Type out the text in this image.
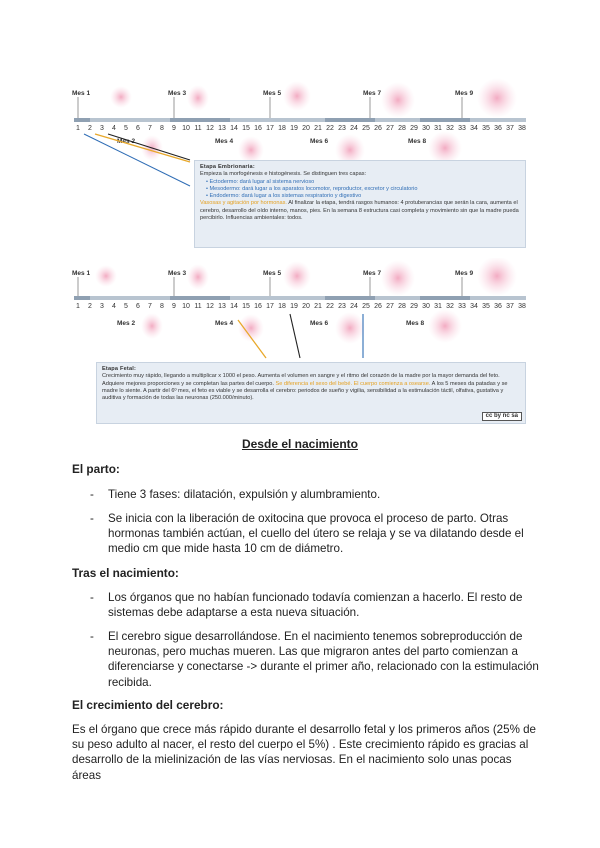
Mes 1	Mes 3	Mes 5	Mes 7	Mes 9
Mes 2	Mes 4	Mes 6	Mes 8
1 2 3 4 5 6 7 8 9 10 11 12 13 14 15 16 17 18 19 20 21 22 23 24 25 26 27 28 29 30 31 32 33 34 35 36 37 38
Etapa Embrionaria:
Empieza la morfogénesis e histogénesis. Se distinguen tres capas:
• Ectodermo: dará lugar al sistema nervioso
• Mesodermo: dará lugar a los aparatos locomotor, reproductor, excretor y circulatorio
• Endodermo: dará lugar a los sistemas respiratorio y digestivo
Vasosas y agitación por hormonas. Al finalizar la etapa, tendrá rasgos humanos: 4 protuberancias que serán la cara, aumenta el cerebro, desarrollo del oído interno, manos, pies. En la semana 8 estructura casi completa y movimiento sin que la madre pueda percibirlo. Influencias ambientales: todos.
Mes 1	Mes 3	Mes 5	Mes 7	Mes 9
Mes 2	Mes 4	Mes 6	Mes 8
1 2 3 4 5 6 7 8 9 10 11 12 13 14 15 16 17 18 19 20 21 22 23 24 25 26 27 28 29 30 31 32 33 34 35 36 37 38
Etapa Fetal:
Crecimiento muy rápido, llegando a multiplicar x 1000 el peso. Aumenta el volumen en sangre y el ritmo del corazón de la madre por la mayor demanda del feto. Adquiere mejores proporciones y se completan las partes del cuerpo. Se diferencia el sexo del bebé. El cuerpo comienza a osearse. A los 5 meses da patadas y se madre lo siente. A partir del 6º mes, el feto es viable y se desarrolla el cerebro: periodos de sueño y vigilia, sensibilidad a la estimulación táctil, olfativa, gustativa y auditiva y formación de todas las neuronas (250.000/minuto).
cc by nc sa
Desde el nacimiento
El parto:
- Tiene 3 fases: dilatación, expulsión y alumbramiento.
- Se inicia con la liberación de oxitocina que provoca el proceso de parto. Otras hormonas también actúan, el cuello del útero se relaja y se va dilatando desde el medio cm que mide hasta 10 cm de diámetro.
Tras el nacimiento:
- Los órganos que no habían funcionado todavía comienzan a hacerlo. El resto de sistemas debe adaptarse a esta nueva situación.
- El cerebro sigue desarrollándose. En el nacimiento tenemos sobreproducción de neuronas, pero muchas mueren. Las que migraron antes del parto comienzan a diferenciarse y conectarse -> durante el primer año, relacionado con la estimulación recibida.
El crecimiento del cerebro:
Es el órgano que crece más rápido durante el desarrollo fetal y los primeros años (25% de su peso adulto al nacer, el resto del cuerpo el 5%) . Este crecimiento rápido es gracias al desarrollo de la mielinización de las vías nerviosas. En el nacimiento solo unas pocas áreas
